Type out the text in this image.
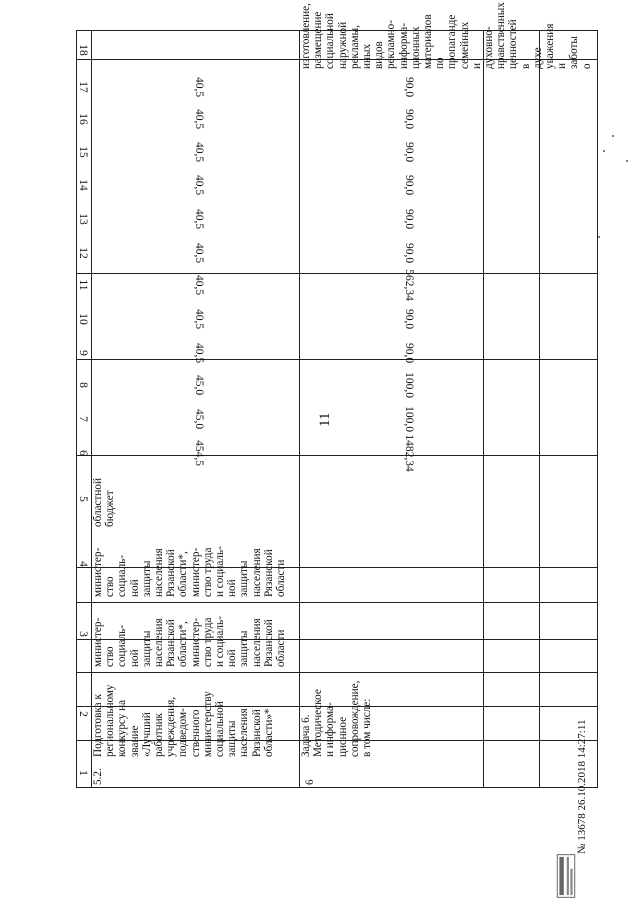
11
1
2
3
4
5
6
7
8
9
10
11
12
13
14
15
16
17
18
5.2.
Подготовка к
региональному
конкурсу на
звание
«Лучший
работник
учреждения,
подведом-
ственного
министерству
социальной
защиты
населения
Рязанской
области»*
министер-
ство
социаль-
ной
защиты
населения
Рязанской
области*,
министер-
ство труда
и социаль-
ной
защиты
населения
Рязанской
области
министер-
ство
социаль-
ной
защиты
населения
Рязанской
области*,
министер-
ство труда
и социаль-
ной
защиты
населения
Рязанской
области
областной
бюджет
6
Задача 6.
Методическое
и информа-
ционное
сопровождение,
в том числе:
изготовление,
размещение
социальной
наружной
рекламы,
иных видов
рекламно-
информа-
ционных
материалов
по пропаганде
семейных и
духовно-
нравственных
ценностей в
духе
уважения и
заботы о
454,5
45,0
45,0
40,5
40,5
40,5
40,5
40,5
40,5
40,5
40,5
40,5
1482,34
100,0
100,0
90,0
90,0
562,34
90,0
90,0
90,0
90,0
90,0
90,0
№ 13678 26.10.2018 14:27:11
